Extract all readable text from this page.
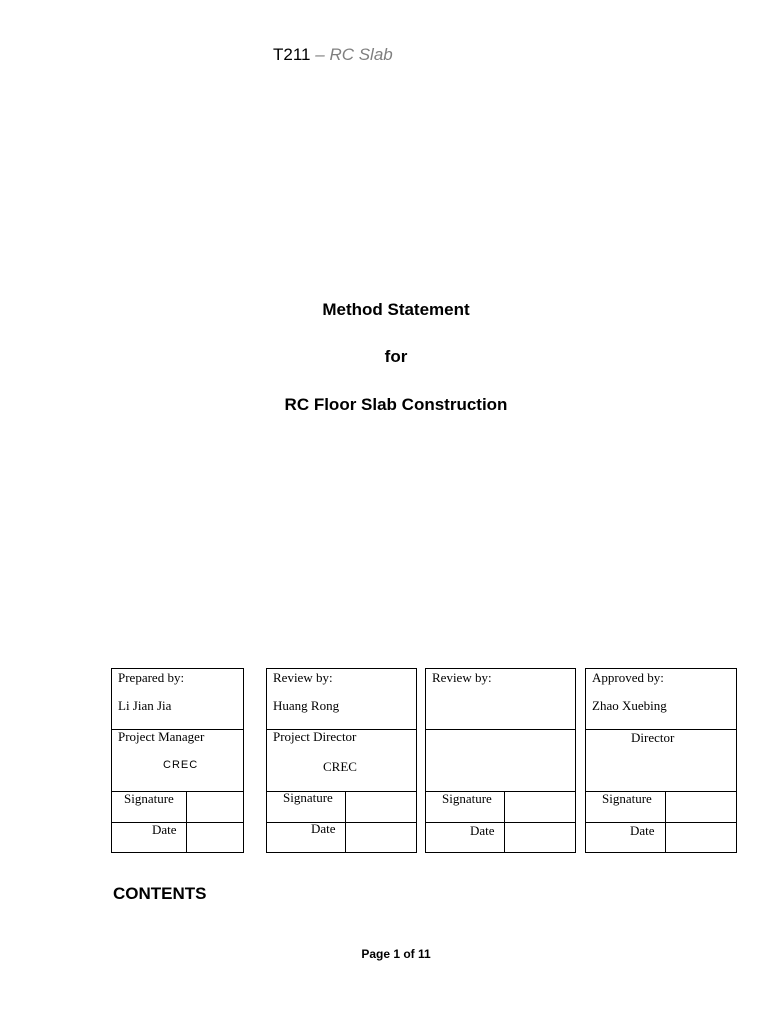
T211 – RC Slab
Method Statement
for
RC Floor Slab Construction
Prepared by:
Li Jian Jia
Project Manager
CREC
Signature
Date
Review by:
Huang Rong
Project Director
CREC
Signature
Date
Review by:
Signature
Date
Approved by:
Zhao Xuebing
Director
Signature
Date
CONTENTS
Page 1 of 11
